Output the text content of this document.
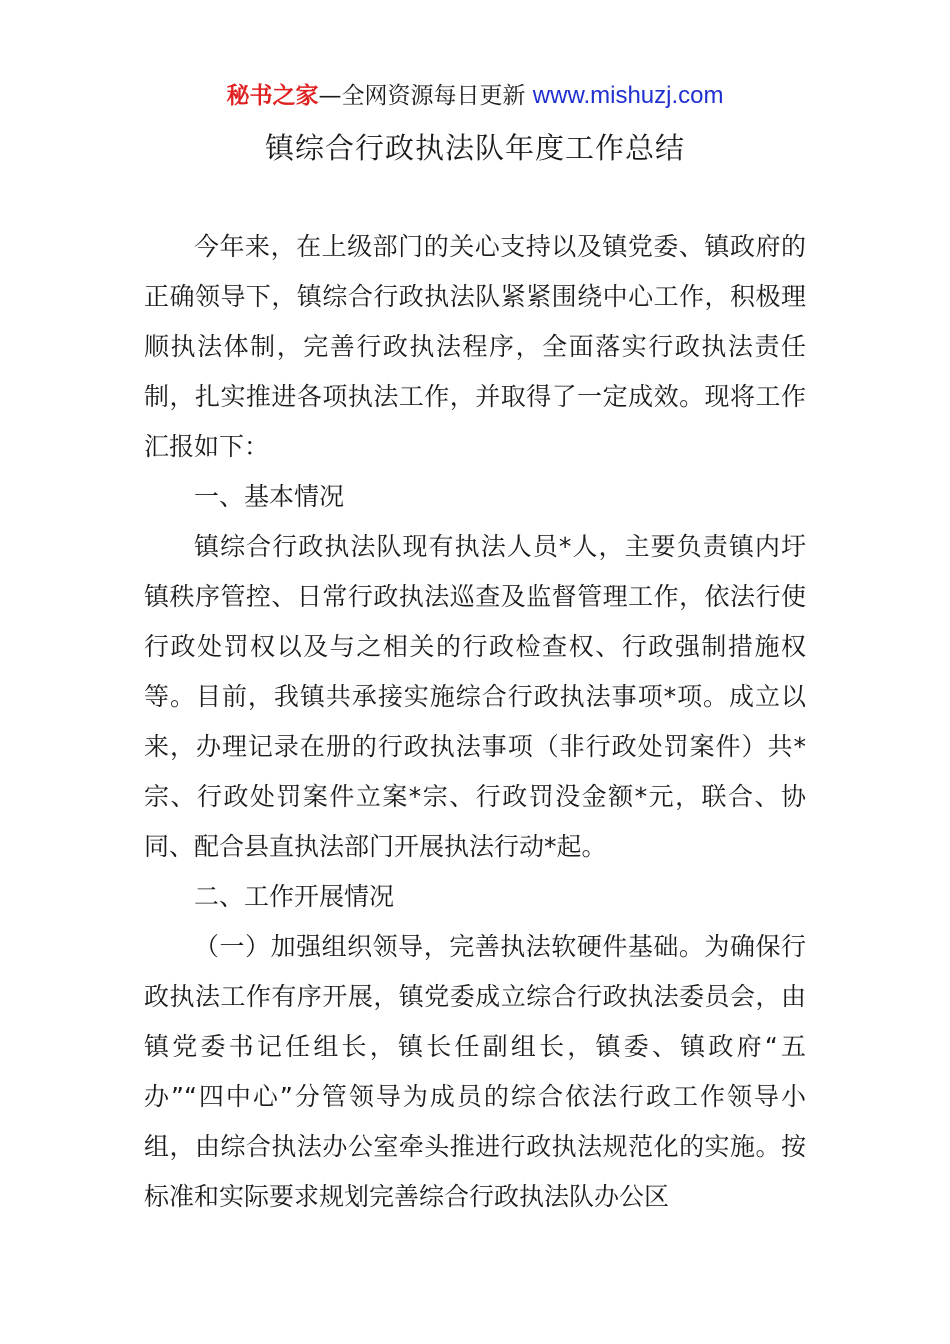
秘书之家—全网资源每日更新 www.mishuzj.com
镇综合行政执法队年度工作总结

今年来，在上级部门的关心支持以及镇党委、镇政府的正确领导下，镇综合行政执法队紧紧围绕中心工作，积极理顺执法体制，完善行政执法程序，全面落实行政执法责任制，扎实推进各项执法工作，并取得了一定成效。现将工作汇报如下：

一、基本情况

镇综合行政执法队现有执法人员*人，主要负责镇内圩镇秩序管控、日常行政执法巡查及监督管理工作，依法行使行政处罚权以及与之相关的行政检查权、行政强制措施权等。目前，我镇共承接实施综合行政执法事项*项。成立以来，办理记录在册的行政执法事项（非行政处罚案件）共*宗、行政处罚案件立案*宗、行政罚没金额*元，联合、协同、配合县直执法部门开展执法行动*起。

二、工作开展情况

（一）加强组织领导，完善执法软硬件基础。为确保行政执法工作有序开展，镇党委成立综合行政执法委员会，由镇党委书记任组长，镇长任副组长，镇委、镇政府“五办”“四中心”分管领导为成员的综合依法行政工作领导小组，由综合执法办公室牵头推进行政执法规范化的实施。按标准和实际要求规划完善综合行政执法队办公区
